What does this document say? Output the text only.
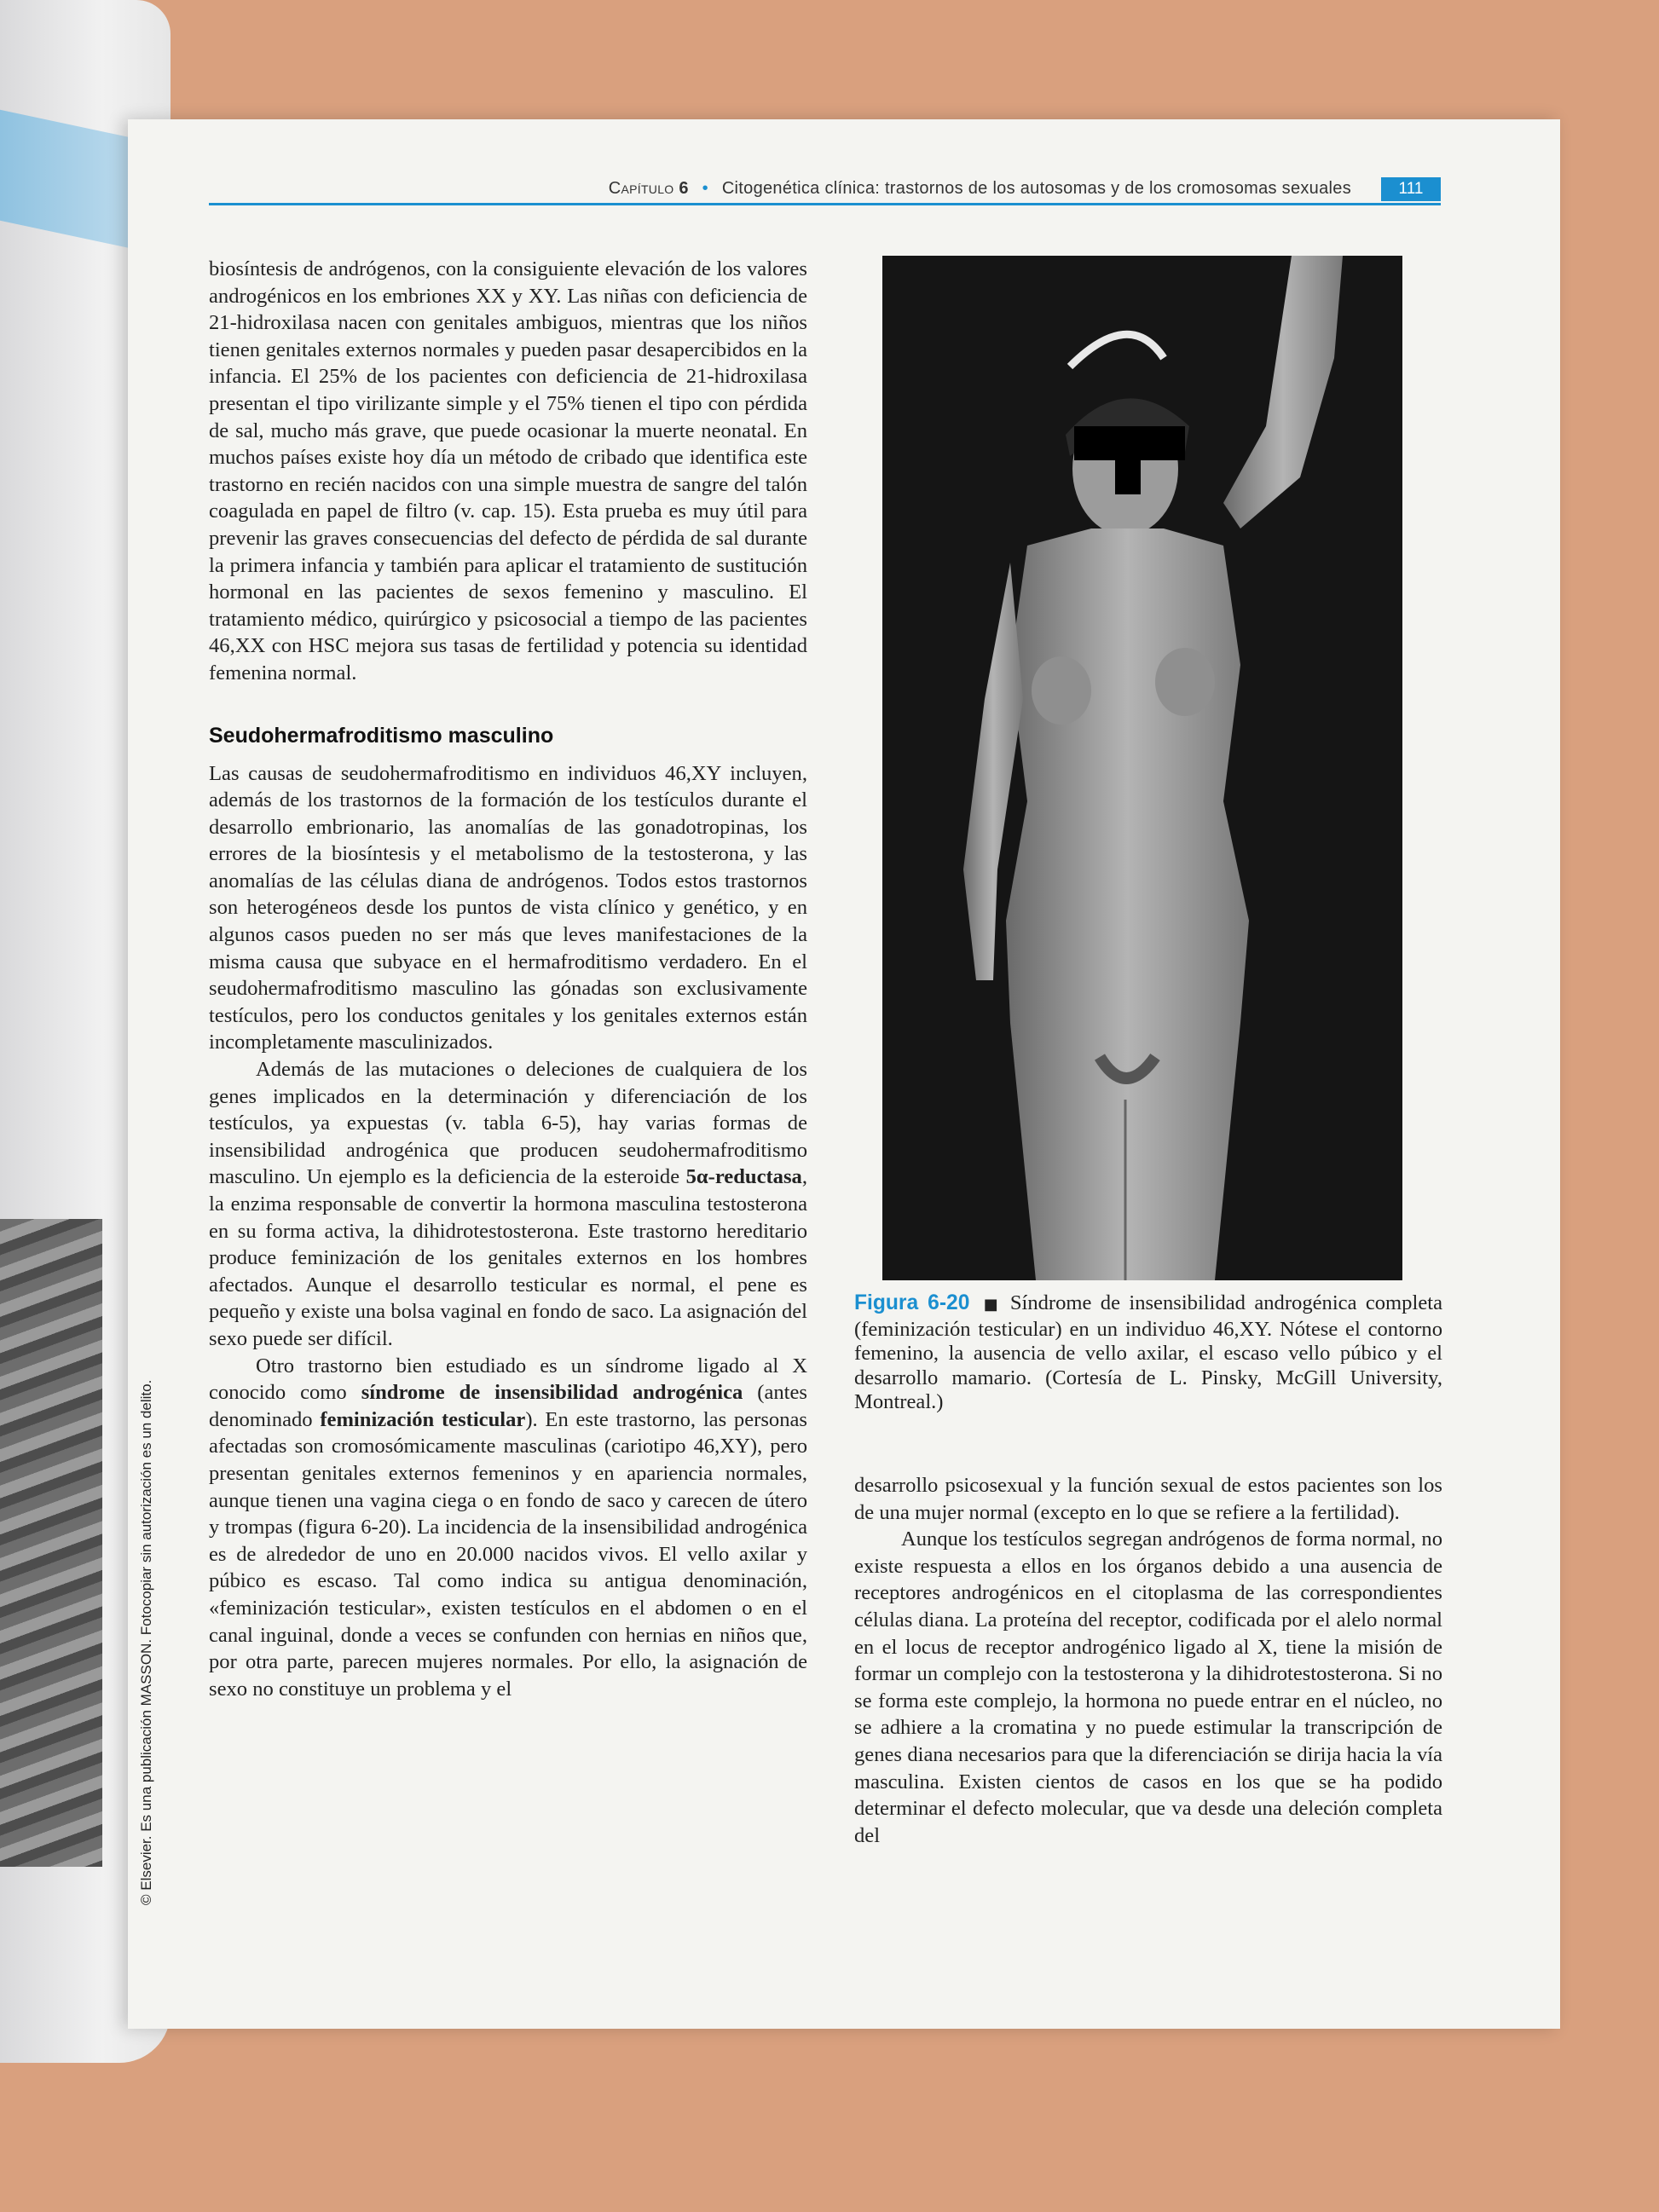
Capítulo 6 • Citogenética clínica: trastornos de los autosomas y de los cromosomas sexuales	111

biosíntesis de andrógenos, con la consiguiente elevación de los valores androgénicos en los embriones XX y XY. Las niñas con deficiencia de 21-hidroxilasa nacen con genitales ambiguos, mientras que los niños tienen genitales externos normales y pueden pasar desapercibidos en la infancia. El 25% de los pacientes con deficiencia de 21-hidroxilasa presentan el tipo virilizante simple y el 75% tienen el tipo con pérdida de sal, mucho más grave, que puede ocasionar la muerte neonatal. En muchos países existe hoy día un método de cribado que identifica este trastorno en recién nacidos con una simple muestra de sangre del talón coagulada en papel de filtro (v. cap. 15). Esta prueba es muy útil para prevenir las graves consecuencias del defecto de pérdida de sal durante la primera infancia y también para aplicar el tratamiento de sustitución hormonal en las pacientes de sexos femenino y masculino. El tratamiento médico, quirúrgico y psicosocial a tiempo de las pacientes 46,XX con HSC mejora sus tasas de fertilidad y potencia su identidad femenina normal.

Seudohermafroditismo masculino

Las causas de seudohermafroditismo en individuos 46,XY incluyen, además de los trastornos de la formación de los testículos durante el desarrollo embrionario, las anomalías de las gonadotropinas, los errores de la biosíntesis y el metabolismo de la testosterona, y las anomalías de las células diana de andrógenos. Todos estos trastornos son heterogéneos desde los puntos de vista clínico y genético, y en algunos casos pueden no ser más que leves manifestaciones de la misma causa que subyace en el hermafroditismo verdadero. En el seudohermafroditismo masculino las gónadas son exclusivamente testículos, pero los conductos genitales y los genitales externos están incompletamente masculinizados.

Además de las mutaciones o deleciones de cualquiera de los genes implicados en la determinación y diferenciación de los testículos, ya expuestas (v. tabla 6-5), hay varias formas de insensibilidad androgénica que producen seudohermafroditismo masculino. Un ejemplo es la deficiencia de la esteroide 5α-reductasa, la enzima responsable de convertir la hormona masculina testosterona en su forma activa, la dihidrotestosterona. Este trastorno hereditario produce feminización de los genitales externos en los hombres afectados. Aunque el desarrollo testicular es normal, el pene es pequeño y existe una bolsa vaginal en fondo de saco. La asignación del sexo puede ser difícil.

Otro trastorno bien estudiado es un síndrome ligado al X conocido como síndrome de insensibilidad androgénica (antes denominado feminización testicular). En este trastorno, las personas afectadas son cromosómicamente masculinas (cariotipo 46,XY), pero presentan genitales externos femeninos y en apariencia normales, aunque tienen una vagina ciega o en fondo de saco y carecen de útero y trompas (figura 6-20). La incidencia de la insensibilidad androgénica es de alrededor de uno en 20.000 nacidos vivos. El vello axilar y púbico es escaso. Tal como indica su antigua denominación, «feminización testicular», existen testículos en el abdomen o en el canal inguinal, donde a veces se confunden con hernias en niños que, por otra parte, parecen mujeres normales. Por ello, la asignación de sexo no constituye un problema y el

Figura 6-20 ■ Síndrome de insensibilidad androgénica completa (feminización testicular) en un individuo 46,XY. Nótese el contorno femenino, la ausencia de vello axilar, el escaso vello púbico y el desarrollo mamario. (Cortesía de L. Pinsky, McGill University, Montreal.)

desarrollo psicosexual y la función sexual de estos pacientes son los de una mujer normal (excepto en lo que se refiere a la fertilidad).

Aunque los testículos segregan andrógenos de forma normal, no existe respuesta a ellos en los órganos debido a una ausencia de receptores androgénicos en el citoplasma de las correspondientes células diana. La proteína del receptor, codificada por el alelo normal en el locus de receptor androgénico ligado al X, tiene la misión de formar un complejo con la testosterona y la dihidrotestosterona. Si no se forma este complejo, la hormona no puede entrar en el núcleo, no se adhiere a la cromatina y no puede estimular la transcripción de genes diana necesarios para que la diferenciación se dirija hacia la vía masculina. Existen cientos de casos en los que se ha podido determinar el defecto molecular, que va desde una deleción completa del

© Elsevier. Es una publicación MASSON. Fotocopiar sin autorización es un delito.
